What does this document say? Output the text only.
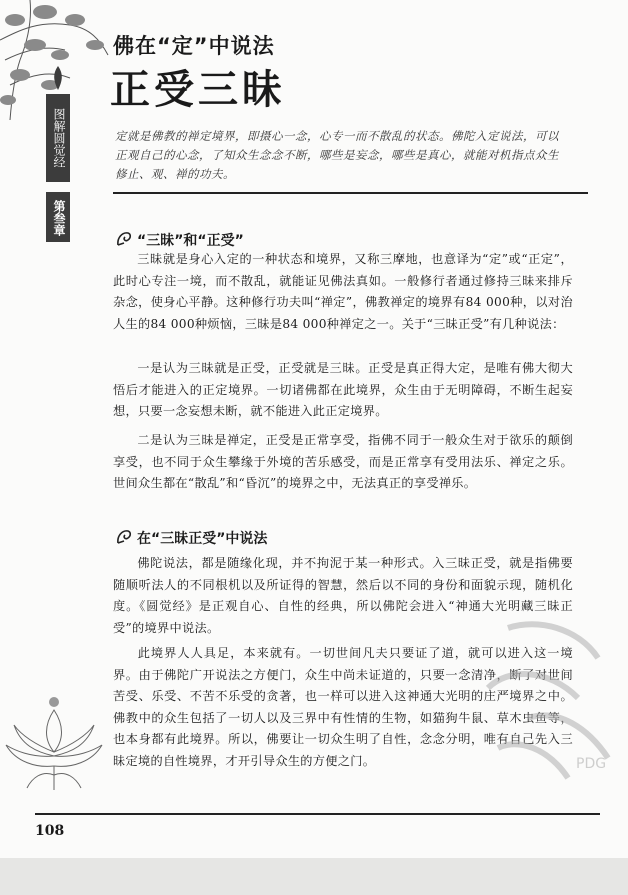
图解圆觉经
第叁章
佛在“定”中说法
正受三昧
定就是佛教的禅定境界，即摄心一念，心专一而不散乱的状态。佛陀入定说法，可以正观自己的心念，了知众生念念不断，哪些是妄念，哪些是真心，就能对机指点众生修止、观、禅的功夫。
“三昧”和“正受”
三昧就是身心入定的一种状态和境界，又称三摩地，也意译为“定”或“正定”，此时心专注一境，而不散乱，就能证见佛法真如。一般修行者通过修持三昧来排斥杂念，使身心平静。这种修行功夫叫“禅定”，佛教禅定的境界有84 000种，以对治人生的84 000种烦恼，三昧是84 000种禅定之一。关于“三昧正受”有几种说法：
一是认为三昧就是正受，正受就是三昧。正受是真正得大定，是唯有佛大彻大悟后才能进入的正定境界。一切诸佛都在此境界，众生由于无明障碍，不断生起妄想，只要一念妄想未断，就不能进入此正定境界。
二是认为三昧是禅定，正受是正常享受，指佛不同于一般众生对于欲乐的颠倒享受，也不同于众生攀缘于外境的苦乐感受，而是正常享有受用法乐、禅定之乐。世间众生都在“散乱”和“昏沉”的境界之中，无法真正的享受禅乐。
在“三昧正受”中说法
佛陀说法，都是随缘化现，并不拘泥于某一种形式。入三昧正受，就是指佛要随顺听法人的不同根机以及所证得的智慧，然后以不同的身份和面貌示现，随机化度。《圆觉经》是正观自心、自性的经典，所以佛陀会进入“神通大光明藏三昧正受”的境界中说法。
此境界人人具足，本来就有。一切世间凡夫只要证了道，就可以进入这一境界。由于佛陀广开说法之方便门，众生中尚未证道的，只要一念清净，断了对世间苦受、乐受、不苦不乐受的贪著，也一样可以进入这神通大光明的庄严境界之中。佛教中的众生包括了一切人以及三界中有性情的生物，如猫狗牛鼠、草木虫鱼等，也本身都有此境界。所以，佛要让一切众生明了自性，念念分明，唯有自己先入三昧定境的自性境界，才开引导众生的方便之门。	PDG
108
